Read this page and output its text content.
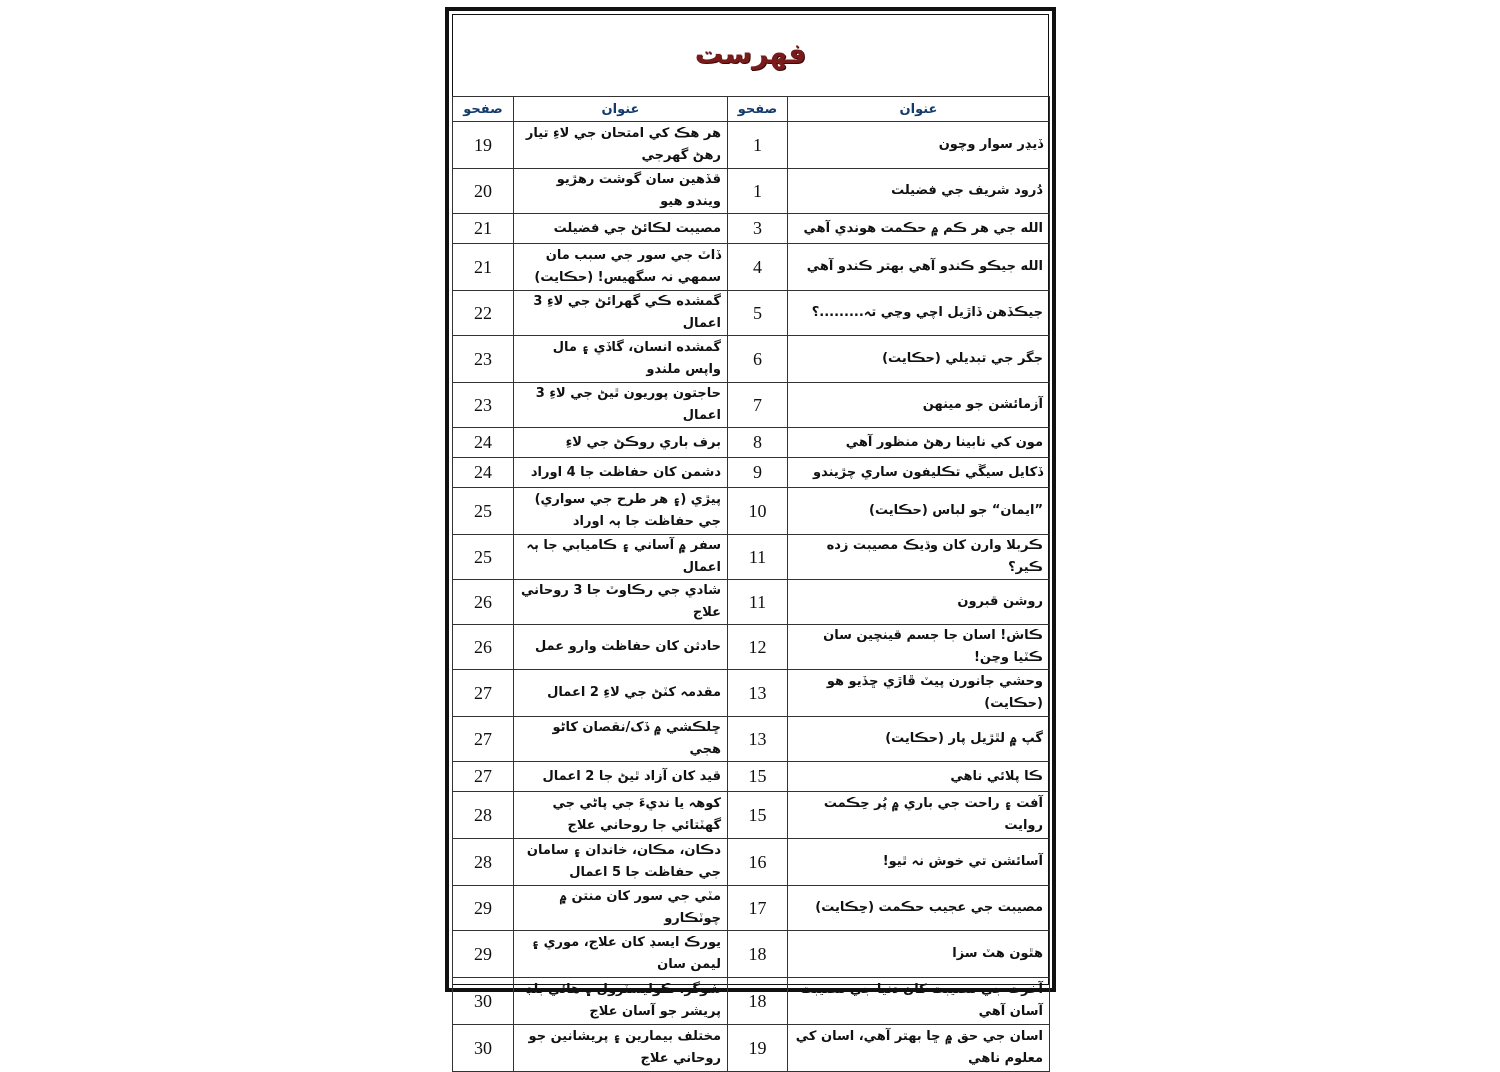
فهرست
عنوان	صفحو	عنوان	صفحو
ڏيڍر سوار وچون	1	هر هڪ کي امتحان جي لاءِ تيار رهڻ گهرجي	19
دُرود شريف جي فضيلت	1	قڏهين سان گوشت رهڙيو ويندو هيو	20
الله جي هر ڪم ۾ حڪمت هوندي آهي	3	مصيبت لڪائڻ جي فضيلت	21
الله جيڪو ڪندو آهي بهتر ڪندو آهي	4	ڏاٽ جي سور جي سبب مان سمهي نہ سگهيس! (حڪايت)	21
جيڪڏهن ڏاڙيل اچي وڃي تہ.........؟	5	گمشده ڪي گهرائڻ جي لاءِ 3 اعمال	22
جگر جي تبديلي (حڪايت)	6	گمشده انسان، گاڏي ۽ مال واپس ملندو	23
آزمائشن جو مينهن	7	حاجتون پوريون ٿيڻ جي لاءِ 3 اعمال	23
مون کي نابينا رهڻ منظور آهي	8	برف باري روڪڻ جي لاءِ	24
ڏکايل سيڱي تڪليفون ساري چڙيندو	9	دشمن کان حفاظت جا 4 اوراد	24
”ايمان“ جو لباس (حڪايت)	10	پيڙي (۽ هر طرح جي سواري) جي حفاظت جا ٻہ اوراد	25
ڪربلا وارن کان وڌيڪ مصيبت زده ڪير؟	11	سفر ۾ آساني ۽ ڪاميابي جا ٻہ اعمال	25
روشن قبرون	11	شادي جي رڪاوٽ جا 3 روحاني علاج	26
ڪاش! اسان جا جسم قينچين سان ڪٽيا وڃن!	12	حادثن کان حفاظت وارو عمل	26
وحشي جانورن پيٽ ڦاڙي ڇڏيو هو (حڪايت)	13	مقدمہ کٽڻ جي لاءِ 2 اعمال	27
گپ ۾ لٿڙيل پار (حڪايت)	13	ڇلڪشي ۾ ڏک/نقصان کاڻو هجي	27
ڪا پلائي ناهي	15	قيد کان آزاد ٿيڻ جا 2 اعمال	27
آفت ۽ راحت جي باري ۾ پُر حِڪمت روايت	15	کوهہ يا نديءَ جي پاڻي جي گهٽتائي جا روحاني علاج	28
آسائشن تي خوش نہ ٿيو!	16	دڪان، مڪان، خاندان ۽ سامان جي حفاظت جا 5 اعمال	28
مصيبت جي عجيب حڪمت (حِڪايت)	17	مٽي جي سور کان منتن ۾ چوٽڪارو	29
هٿون هٽ سزا	18	يورڪ ايسڊ کان علاج، موري ۽ ليمن سان	29
آخرت جي مصيبت کان دنيا جي مصيبت آسان آهي	18	شوگر، ڪوليسٽرول ۽ هائي بلڊ پريشر جو آسان علاج	30
اسان جي حق ۾ ڇا بهتر آهي، اسان کي معلوم ناهي	19	مختلف بيمارين ۽ پريشانين جو روحاني علاج	30
